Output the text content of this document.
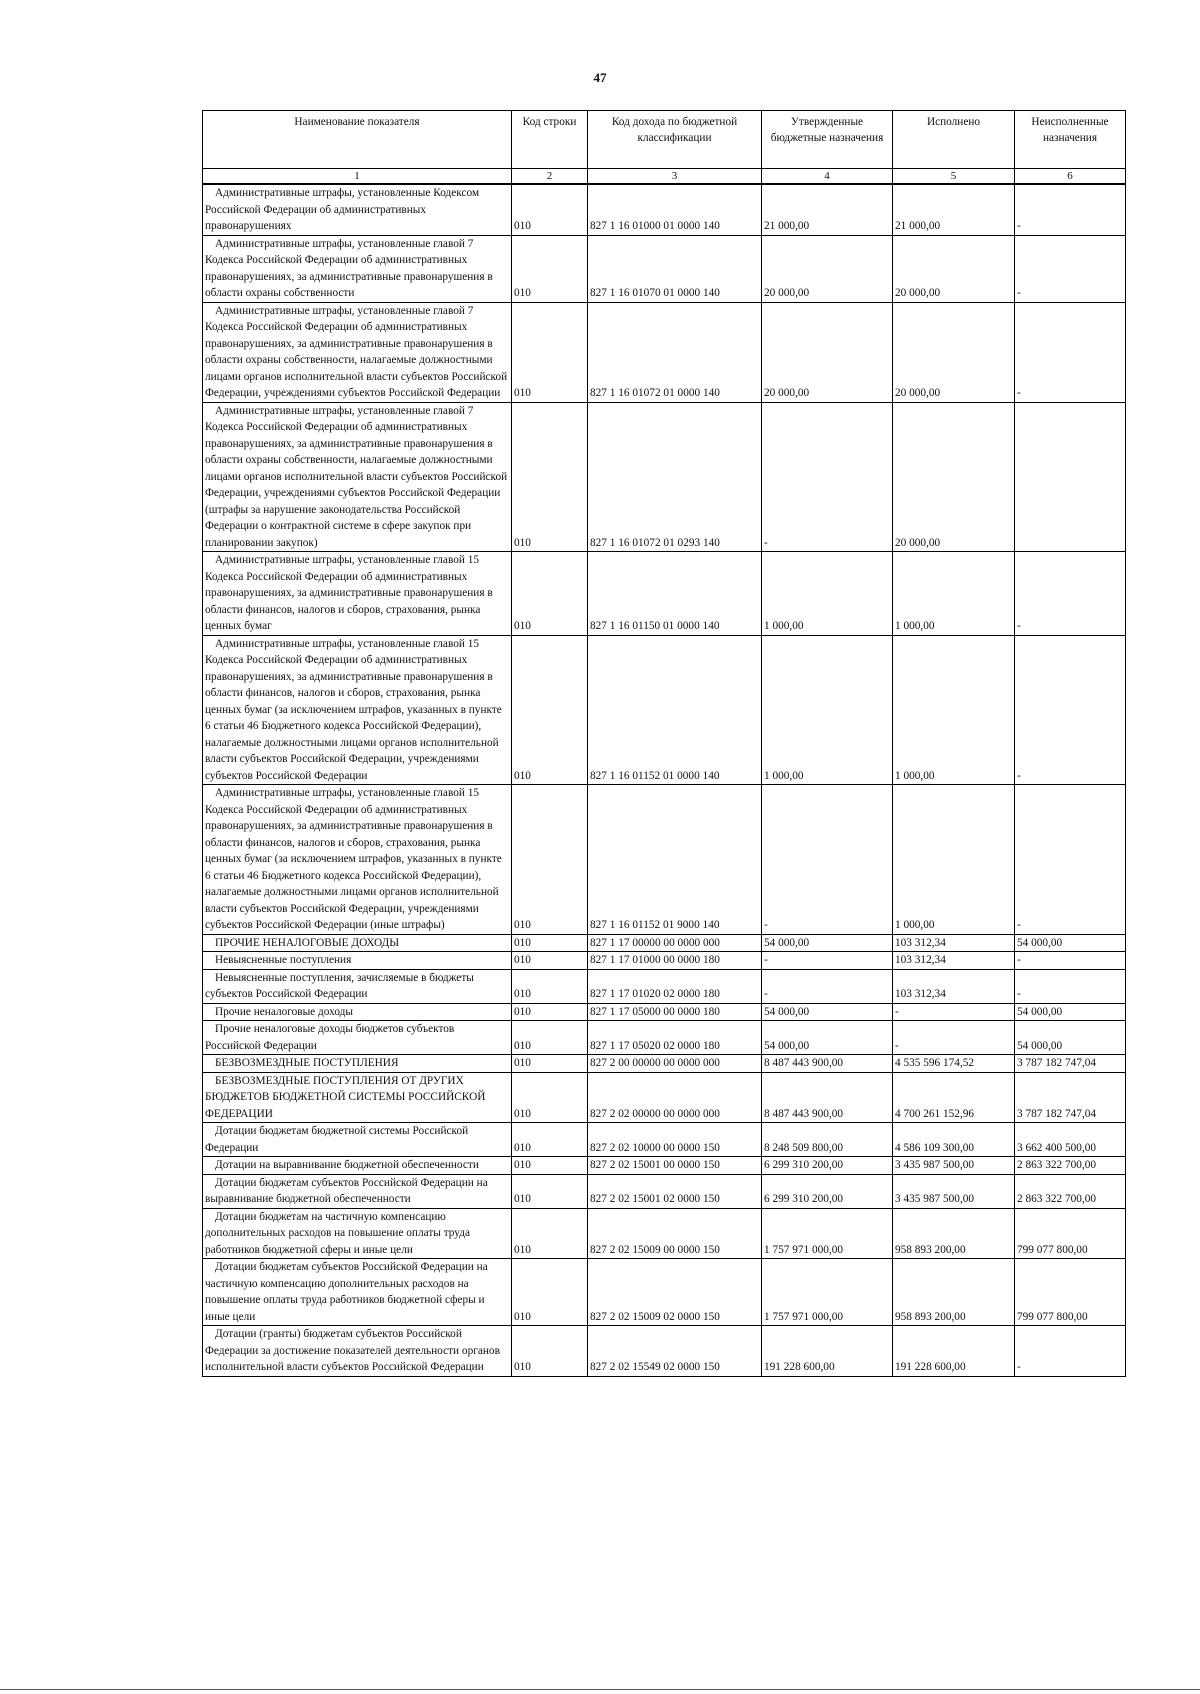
47
Наименование показателя	Код строки	Код дохода по бюджетной классификации	Утвержденные бюджетные назначения	Исполнено	Неисполненные назначения
1	2	3	4	5	6
Административные штрафы, установленные Кодексом Российской Федерации об административных правонарушениях	010	827 1 16 01000 01 0000 140	21 000,00	21 000,00	-
Административные штрафы, установленные главой 7 Кодекса Российской Федерации об административных правонарушениях, за административные правонарушения в области охраны собственности	010	827 1 16 01070 01 0000 140	20 000,00	20 000,00	-
Административные штрафы, установленные главой 7 Кодекса Российской Федерации об административных правонарушениях, за административные правонарушения в области охраны собственности, налагаемые должностными лицами органов исполнительной власти субъектов Российской Федерации, учреждениями субъектов Российской Федерации	010	827 1 16 01072 01 0000 140	20 000,00	20 000,00	-
Административные штрафы, установленные главой 7 Кодекса Российской Федерации об административных правонарушениях, за административные правонарушения в области охраны собственности, налагаемые должностными лицами органов исполнительной власти субъектов Российской Федерации, учреждениями субъектов Российской Федерации (штрафы за нарушение законодательства Российской Федерации о контрактной системе в сфере закупок при планировании закупок)	010	827 1 16 01072 01 0293 140	-	20 000,00	
Административные штрафы, установленные главой 15 Кодекса Российской Федерации об административных правонарушениях, за административные правонарушения в области финансов, налогов и сборов, страхования, рынка ценных бумаг	010	827 1 16 01150 01 0000 140	1 000,00	1 000,00	-
Административные штрафы, установленные главой 15 Кодекса Российской Федерации об административных правонарушениях, за административные правонарушения в области финансов, налогов и сборов, страхования, рынка ценных бумаг (за исключением штрафов, указанных в пункте 6 статьи 46 Бюджетного кодекса Российской Федерации), налагаемые должностными лицами органов исполнительной власти субъектов Российской Федерации, учреждениями субъектов Российской Федерации	010	827 1 16 01152 01 0000 140	1 000,00	1 000,00	-
Административные штрафы, установленные главой 15 Кодекса Российской Федерации об административных правонарушениях, за административные правонарушения в области финансов, налогов и сборов, страхования, рынка ценных бумаг (за исключением штрафов, указанных в пункте 6 статьи 46 Бюджетного кодекса Российской Федерации), налагаемые должностными лицами органов исполнительной власти субъектов Российской Федерации, учреждениями субъектов Российской Федерации (иные штрафы)	010	827 1 16 01152 01 9000 140	-	1 000,00	-
ПРОЧИЕ НЕНАЛОГОВЫЕ ДОХОДЫ	010	827 1 17 00000 00 0000 000	54 000,00	103 312,34	54 000,00
Невыясненные поступления	010	827 1 17 01000 00 0000 180	-	103 312,34	-
Невыясненные поступления, зачисляемые в бюджеты субъектов Российской Федерации	010	827 1 17 01020 02 0000 180	-	103 312,34	-
Прочие неналоговые доходы	010	827 1 17 05000 00 0000 180	54 000,00	-	54 000,00
Прочие неналоговые доходы бюджетов субъектов Российской Федерации	010	827 1 17 05020 02 0000 180	54 000,00	-	54 000,00
БЕЗВОЗМЕЗДНЫЕ ПОСТУПЛЕНИЯ	010	827 2 00 00000 00 0000 000	8 487 443 900,00	4 535 596 174,52	3 787 182 747,04
БЕЗВОЗМЕЗДНЫЕ ПОСТУПЛЕНИЯ ОТ ДРУГИХ БЮДЖЕТОВ БЮДЖЕТНОЙ СИСТЕМЫ РОССИЙСКОЙ ФЕДЕРАЦИИ	010	827 2 02 00000 00 0000 000	8 487 443 900,00	4 700 261 152,96	3 787 182 747,04
Дотации бюджетам бюджетной системы Российской Федерации	010	827 2 02 10000 00 0000 150	8 248 509 800,00	4 586 109 300,00	3 662 400 500,00
Дотации на выравнивание бюджетной обеспеченности	010	827 2 02 15001 00 0000 150	6 299 310 200,00	3 435 987 500,00	2 863 322 700,00
Дотации бюджетам субъектов Российской Федерации на выравнивание бюджетной обеспеченности	010	827 2 02 15001 02 0000 150	6 299 310 200,00	3 435 987 500,00	2 863 322 700,00
Дотации бюджетам на частичную компенсацию дополнительных расходов на повышение оплаты труда работников бюджетной сферы и иные цели	010	827 2 02 15009 00 0000 150	1 757 971 000,00	958 893 200,00	799 077 800,00
Дотации бюджетам субъектов Российской Федерации на частичную компенсацию дополнительных расходов на повышение оплаты труда работников бюджетной сферы и иные цели	010	827 2 02 15009 02 0000 150	1 757 971 000,00	958 893 200,00	799 077 800,00
Дотации (гранты) бюджетам субъектов Российской Федерации за достижение показателей деятельности органов исполнительной власти субъектов Российской Федерации	010	827 2 02 15549 02 0000 150	191 228 600,00	191 228 600,00	-
